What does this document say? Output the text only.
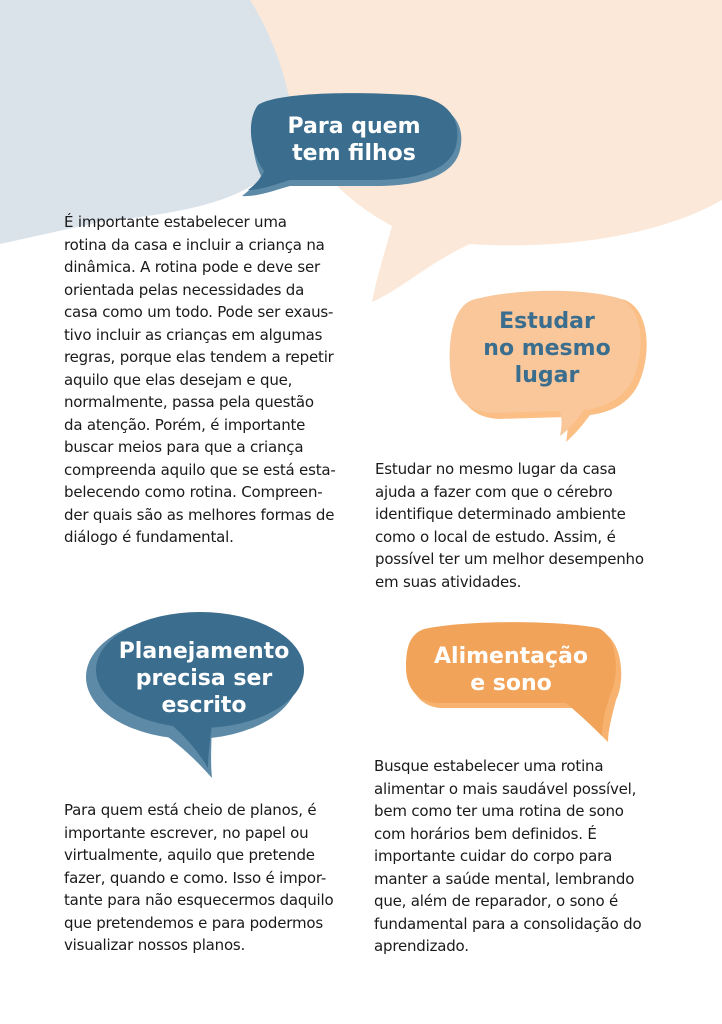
Para quem
tem filhos
Estudar
no mesmo
lugar
Planejamento
precisa ser
escrito
Alimentação
e sono
É importante estabelecer uma
rotina da casa e incluir a criança na
dinâmica. A rotina pode e deve ser
orientada pelas necessidades da
casa como um todo. Pode ser exaus-
tivo incluir as crianças em algumas
regras, porque elas tendem a repetir
aquilo que elas desejam e que,
normalmente, passa pela questão
da atenção. Porém, é importante
buscar meios para que a criança
compreenda aquilo que se está esta-
belecendo como rotina. Compreen-
der quais são as melhores formas de
diálogo é fundamental.
Estudar no mesmo lugar da casa
ajuda a fazer com que o cérebro
identifique determinado ambiente
como o local de estudo. Assim, é
possível ter um melhor desempenho
em suas atividades.
Para quem está cheio de planos, é
importante escrever, no papel ou
virtualmente, aquilo que pretende
fazer, quando e como. Isso é impor-
tante para não esquecermos daquilo
que pretendemos e para podermos
visualizar nossos planos.
Busque estabelecer uma rotina
alimentar o mais saudável possível,
bem como ter uma rotina de sono
com horários bem definidos. É
importante cuidar do corpo para
manter a saúde mental, lembrando
que, além de reparador, o sono é
fundamental para a consolidação do
aprendizado.
